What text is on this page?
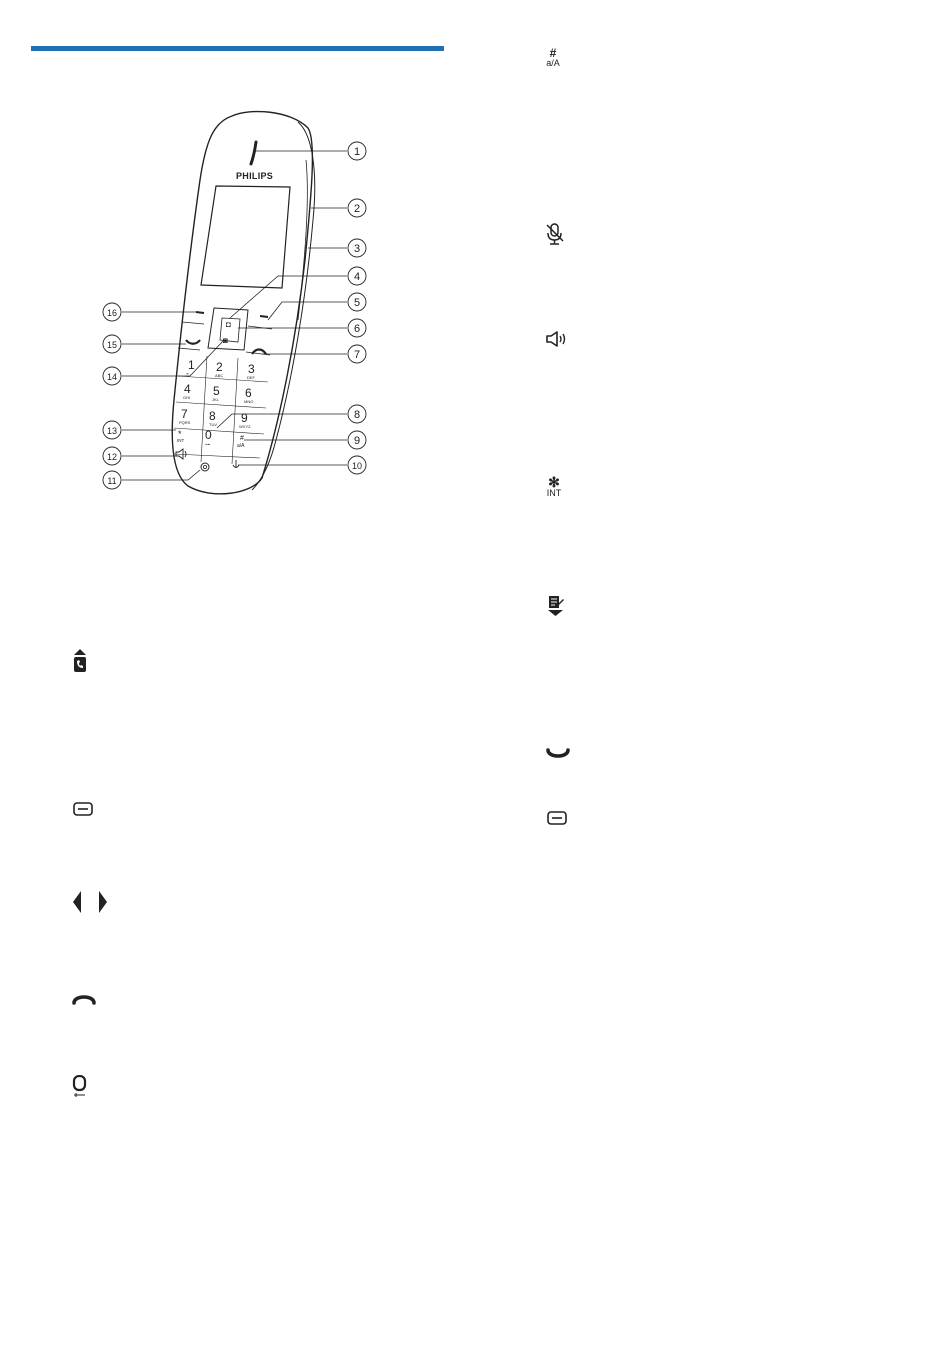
PHILIPS
◘
◙
1
∞ 2
ABC 3
DEF
4
GHI 5
JKL 6
MNO
7
PQRS 8
TUV 9
WXYZ
*
INT 0
⊶
#
a/A
1
2
3
4
5
6
7
8
9
10
11
12
13
14
15
16
#
a/A
✻
INT
